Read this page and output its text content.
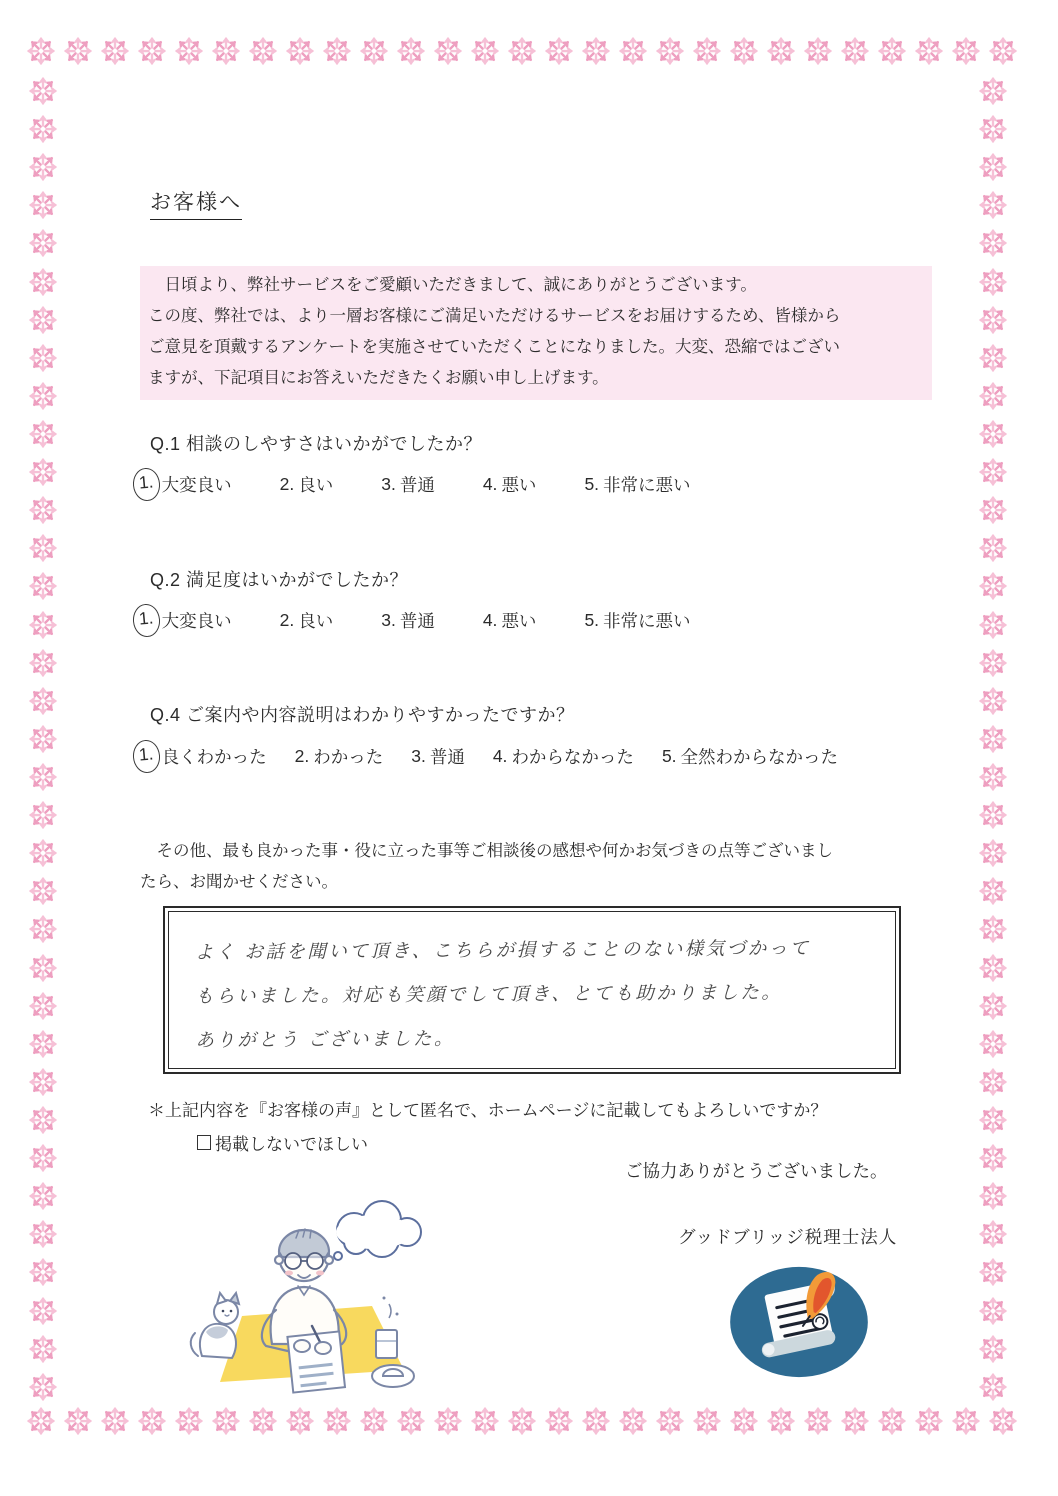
お客様へ
　日頃より、弊社サービスをご愛顧いただきまして、誠にありがとうございます。
この度、弊社では、より一層お客様にご満足いただけるサービスをお届けするため、皆様から
ご意見を頂戴するアンケートを実施させていただくことになりました。大変、恐縮ではござい
ますが、下記項目にお答えいただきたくお願い申し上げます。
Q.1 相談のしやすさはいかがでしたか？
1. 大変良い	2. 良い	3. 普通	4. 悪い	5. 非常に悪い
Q.2 満足度はいかがでしたか？
1. 大変良い	2. 良い	3. 普通	4. 悪い	5. 非常に悪い
Q.4 ご案内や内容説明はわかりやすかったですか？
1. 良くわかった 2. わかった 3. 普通 4. わからなかった 5. 全然わからなかった
　その他、最も良かった事・役に立った事等ご相談後の感想や何かお気づきの点等ございまし
たら、お聞かせください。
よく お話を聞いて頂き、こちらが損することのない様気づかって
もらいました。対応も笑顔でして頂き、とても助かりました。
ありがとう ございました。
＊上記内容を『お客様の声』として匿名で、ホームページに記載してもよろしいですか？
掲載しないでほしい
ご協力ありがとうございました。
グッドブリッジ税理士法人
